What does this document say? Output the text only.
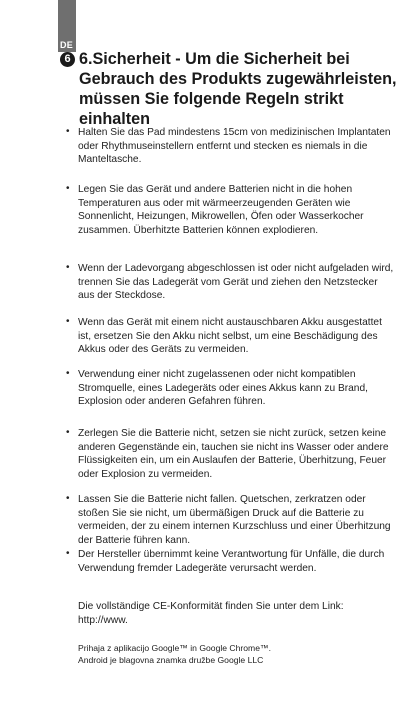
DE
6 6.Sicherheit - Um die Sicherheit bei Gebrauch des Produkts zugewährleisten, müssen Sie folgende Regeln strikt einhalten
• Halten Sie das Pad mindestens 15cm von medizinischen Implantaten oder Rhythmuseinstellern entfernt und stecken es niemals in die Manteltasche.
• Legen Sie das Gerät und andere Batterien nicht in die hohen Temperaturen aus oder mit wärmeerzeugenden Geräten wie Sonnenlicht, Heizungen, Mikrowellen, Öfen oder Wasserkocher zusammen. Überhitzte Batterien können explodieren.
• Wenn der Ladevorgang abgeschlossen ist oder nicht aufgeladen wird, trennen Sie das Ladegerät vom Gerät und ziehen den Netzstecker aus der Steckdose.
• Wenn das Gerät mit einem nicht austauschbaren Akku ausgestattet ist, ersetzen Sie den Akku nicht selbst, um eine Beschädigung des Akkus oder des Geräts zu vermeiden.
• Verwendung einer nicht zugelassenen oder nicht kompatiblen Stromquelle, eines Ladegeräts oder eines Akkus kann zu Brand, Explosion oder anderen Gefahren führen.
• Zerlegen Sie die Batterie nicht, setzen sie nicht zurück, setzen keine anderen Gegenstände ein, tauchen sie nicht ins Wasser oder andere Flüssigkeiten ein, um ein Auslaufen der Batterie, Überhitzung, Feuer oder Explosion zu vermeiden.
• Lassen Sie die Batterie nicht fallen. Quetschen, zerkratzen oder stoßen Sie sie nicht, um übermäßigen Druck auf die Batterie zu vermeiden, der zu einem internen Kurzschluss und einer Überhitzung der Batterie führen kann.
• Der Hersteller übernimmt keine Verantwortung für Unfälle, die durch Verwendung fremder Ladegeräte verursacht werden.

Die vollständige CE-Konformität finden Sie unter dem Link: http://www.

Prihaja z aplikacijo Google™ in Google Chrome™.

Android je blagovna znamka družbe Google LLC
